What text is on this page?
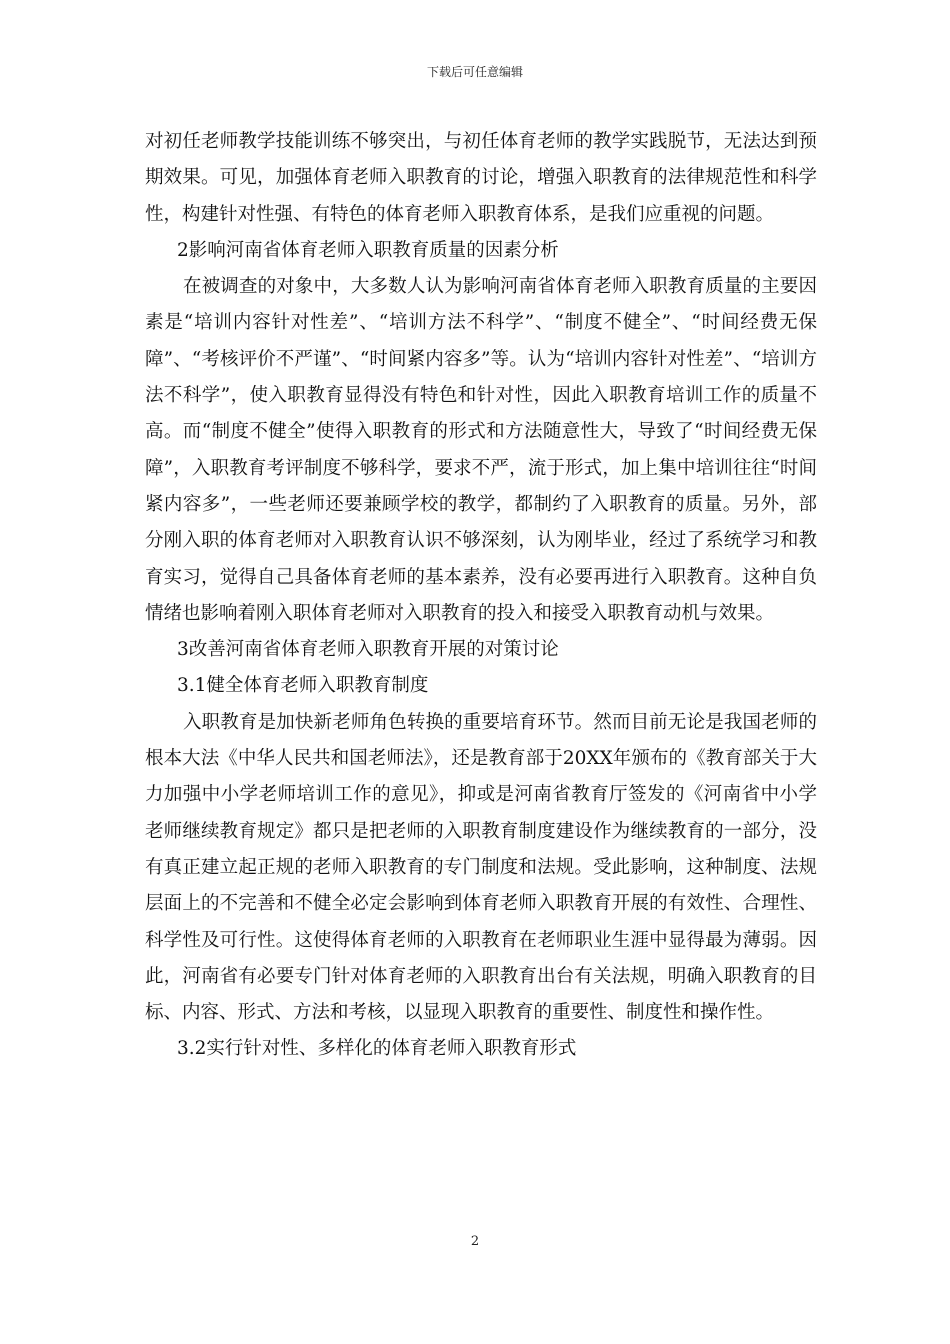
下载后可任意编辑

对初任老师教学技能训练不够突出，与初任体育老师的教学实践脱节，无法达到预期效果。可见，加强体育老师入职教育的讨论，增强入职教育的法律规范性和科学性，构建针对性强、有特色的体育老师入职教育体系，是我们应重视的问题。

2影响河南省体育老师入职教育质量的因素分析

在被调查的对象中，大多数人认为影响河南省体育老师入职教育质量的主要因素是“培训内容针对性差”、“培训方法不科学”、“制度不健全”、“时间经费无保障”、“考核评价不严谨”、“时间紧内容多”等。认为“培训内容针对性差”、“培训方法不科学”，使入职教育显得没有特色和针对性，因此入职教育培训工作的质量不高。而“制度不健全”使得入职教育的形式和方法随意性大，导致了“时间经费无保障”，入职教育考评制度不够科学，要求不严，流于形式，加上集中培训往往“时间紧内容多”，一些老师还要兼顾学校的教学，都制约了入职教育的质量。另外，部分刚入职的体育老师对入职教育认识不够深刻，认为刚毕业，经过了系统学习和教育实习，觉得自己具备体育老师的基本素养，没有必要再进行入职教育。这种自负情绪也影响着刚入职体育老师对入职教育的投入和接受入职教育动机与效果。

3改善河南省体育老师入职教育开展的对策讨论

3.1健全体育老师入职教育制度

入职教育是加快新老师角色转换的重要培育环节。然而目前无论是我国老师的根本大法《中华人民共和国老师法》，还是教育部于20XX年颁布的《教育部关于大力加强中小学老师培训工作的意见》，抑或是河南省教育厅签发的《河南省中小学老师继续教育规定》都只是把老师的入职教育制度建设作为继续教育的一部分，没有真正建立起正规的老师入职教育的专门制度和法规。受此影响，这种制度、法规层面上的不完善和不健全必定会影响到体育老师入职教育开展的有效性、合理性、科学性及可行性。这使得体育老师的入职教育在老师职业生涯中显得最为薄弱。因此，河南省有必要专门针对体育老师的入职教育出台有关法规，明确入职教育的目标、内容、形式、方法和考核，以显现入职教育的重要性、制度性和操作性。

3.2实行针对性、多样化的体育老师入职教育形式

2
